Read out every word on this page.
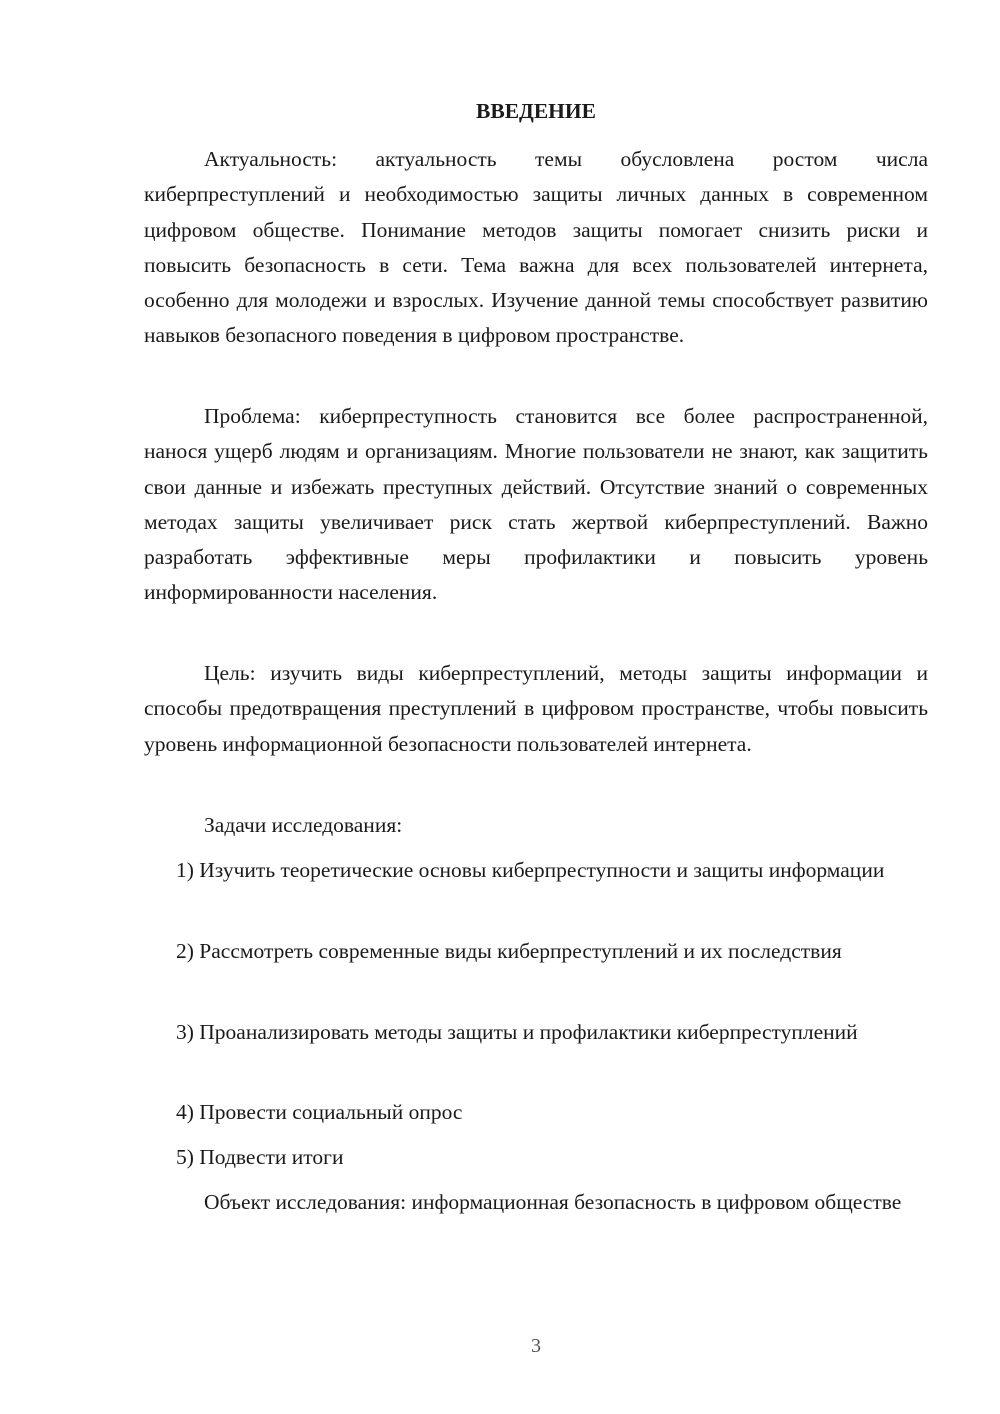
ВВЕДЕНИЕ

Актуальность: актуальность темы обусловлена ростом числа киберпреступлений и необходимостью защиты личных данных в современном цифровом обществе. Понимание методов защиты помогает снизить риски и повысить безопасность в сети. Тема важна для всех пользователей интернета, особенно для молодежи и взрослых. Изучение данной темы способствует развитию навыков безопасного поведения в цифровом пространстве.

Проблема: киберпреступность становится все более распространенной, нанося ущерб людям и организациям. Многие пользователи не знают, как защитить свои данные и избежать преступных действий. Отсутствие знаний о современных методах защиты увеличивает риск стать жертвой киберпреступлений. Важно разработать эффективные меры профилактики и повысить уровень информированности населения.

Цель: изучить виды киберпреступлений, методы защиты информации и способы предотвращения преступлений в цифровом пространстве, чтобы повысить уровень информационной безопасности пользователей интернета.

Задачи исследования:

1) Изучить теоретические основы киберпреступности и защиты информации

2) Рассмотреть современные виды киберпреступлений и их последствия

3) Проанализировать методы защиты и профилактики киберпреступлений

4) Провести социальный опрос

5) Подвести итоги

Объект исследования: информационная безопасность в цифровом обществе

3
